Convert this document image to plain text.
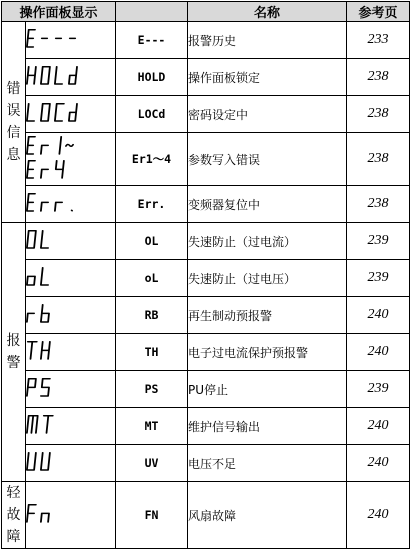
操作面板显示			名称	参考页

错
误
信
息		E---	报警历史	233

	HOLD	操作面板锁定	238

	LOCd	密码设定中	238

	Er1～4	参数写入错误	238

	Err.	变频器复位中	238

报
警		OL	失速防止（过电流）	239

	oL	失速防止（过电压）	239

	RB	再生制动预报警	240

	TH	电子过电流保护预报警	240

	PS	PU停止	239

	MT	维护信号输出	240

	UV	电压不足	240

轻
故
障		FN	风扇故障	240
